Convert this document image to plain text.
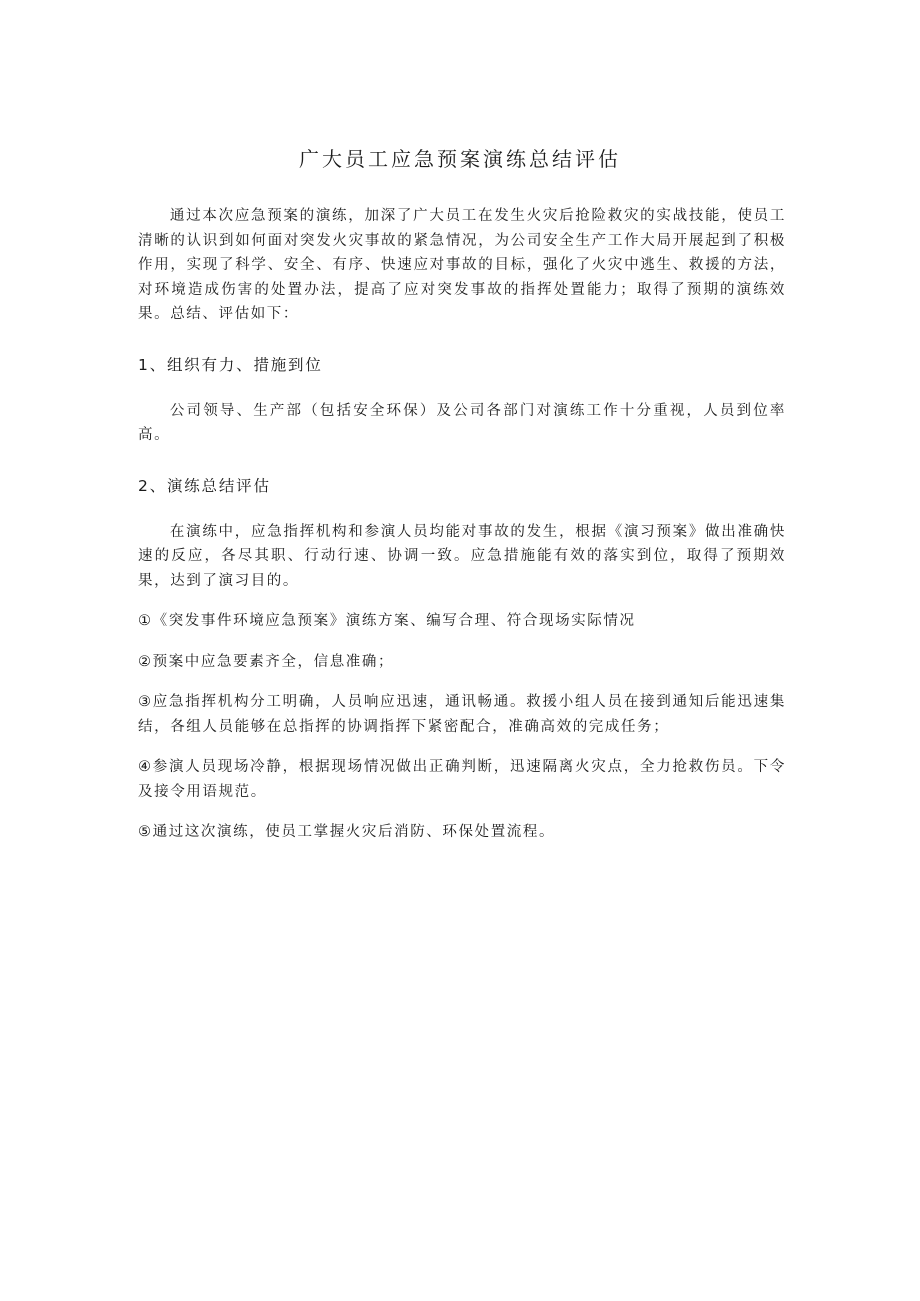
广大员工应急预案演练总结评估

通过本次应急预案的演练，加深了广大员工在发生火灾后抢险救灾的实战技能，使员工清晰的认识到如何面对突发火灾事故的紧急情况，为公司安全生产工作大局开展起到了积极作用，实现了科学、安全、有序、快速应对事故的目标，强化了火灾中逃生、救援的方法，对环境造成伤害的处置办法，提高了应对突发事故的指挥处置能力；取得了预期的演练效果。总结、评估如下：

1、组织有力、措施到位

公司领导、生产部（包括安全环保）及公司各部门对演练工作十分重视，人员到位率高。

2、演练总结评估

在演练中，应急指挥机构和参演人员均能对事故的发生，根据《演习预案》做出准确快速的反应，各尽其职、行动行速、协调一致。应急措施能有效的落实到位，取得了预期效果，达到了演习目的。

①《突发事件环境应急预案》演练方案、编写合理、符合现场实际情况

②预案中应急要素齐全，信息准确；

③应急指挥机构分工明确，人员响应迅速，通讯畅通。救援小组人员在接到通知后能迅速集结，各组人员能够在总指挥的协调指挥下紧密配合，准确高效的完成任务；

④参演人员现场冷静，根据现场情况做出正确判断，迅速隔离火灾点，全力抢救伤员。下令及接令用语规范。

⑤通过这次演练，使员工掌握火灾后消防、环保处置流程。
